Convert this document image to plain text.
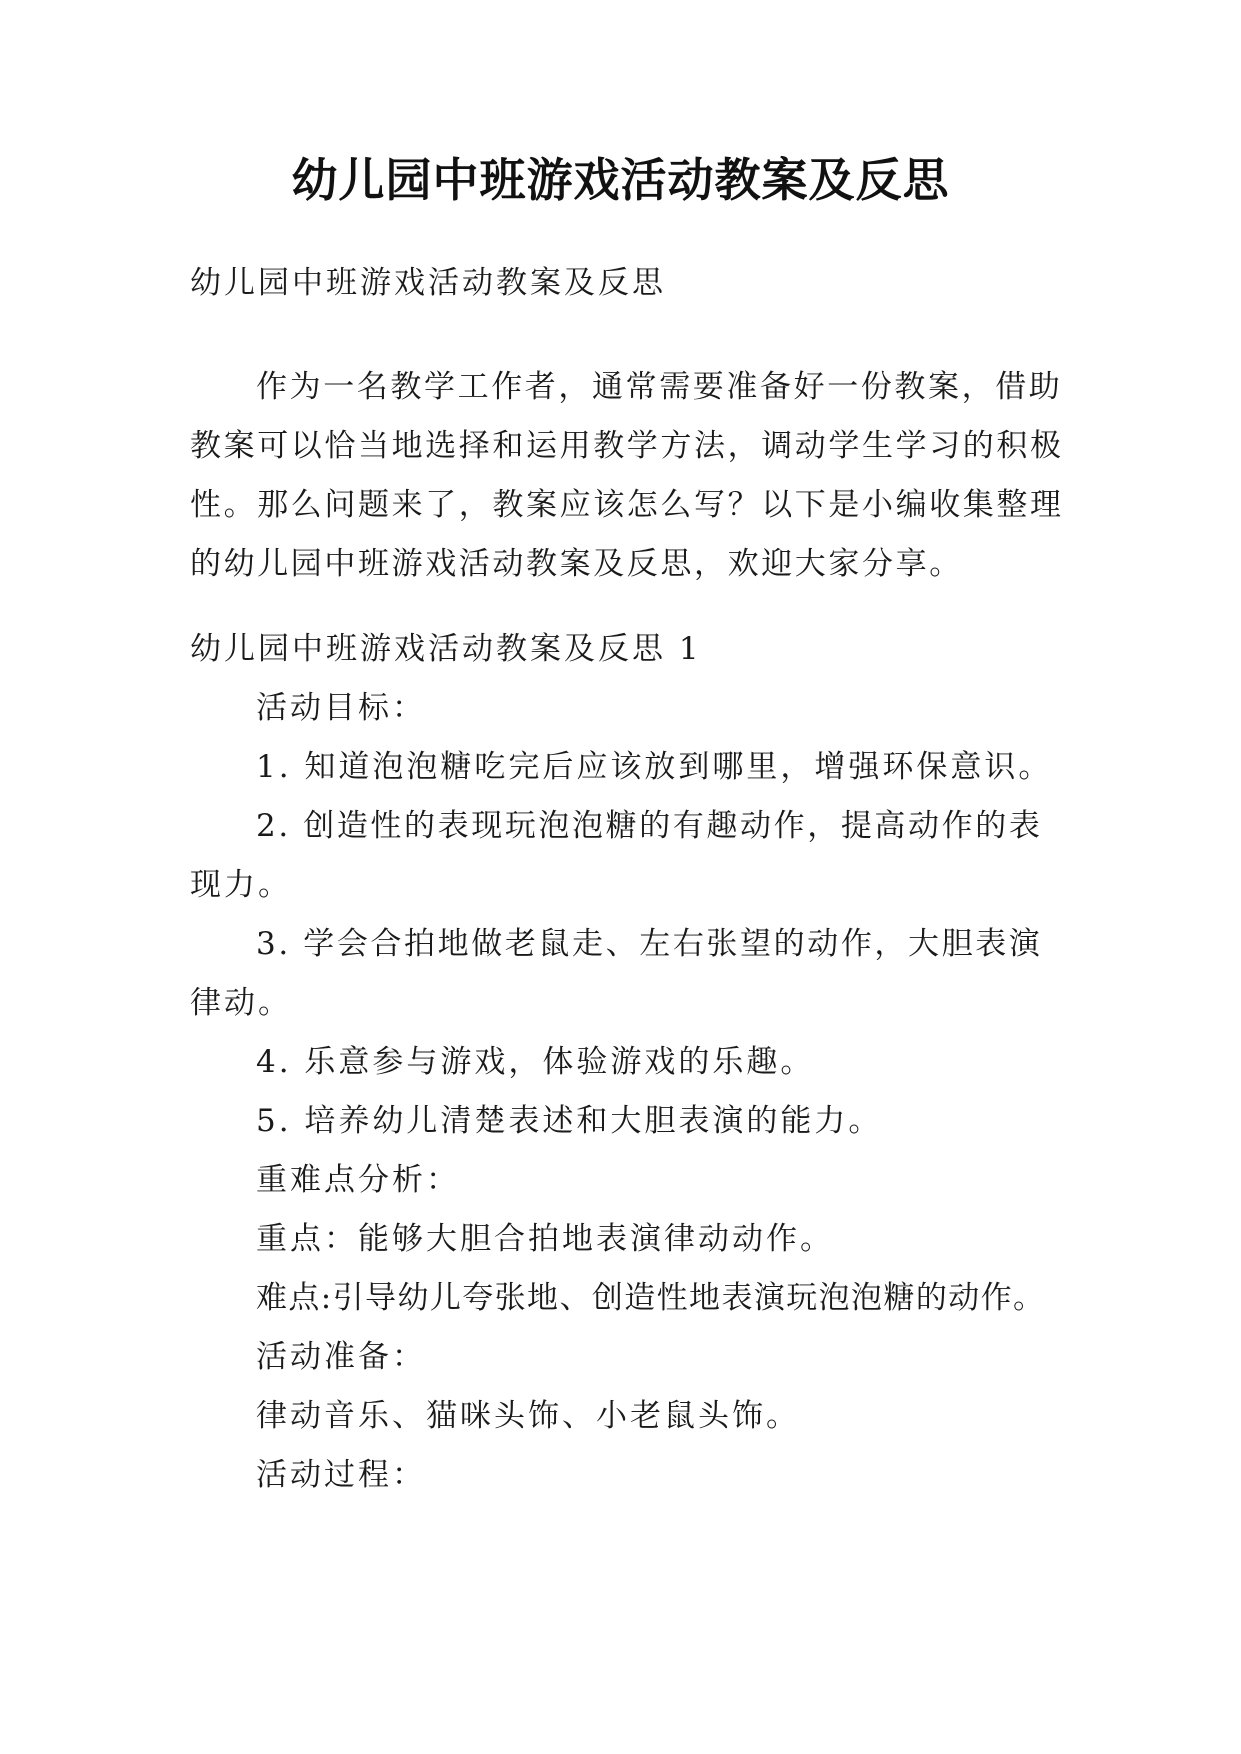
幼儿园中班游戏活动教案及反思

幼儿园中班游戏活动教案及反思

作为一名教学工作者，通常需要准备好一份教案，借助

教案可以恰当地选择和运用教学方法，调动学生学习的积极

性。那么问题来了，教案应该怎么写？以下是小编收集整理

的幼儿园中班游戏活动教案及反思，欢迎大家分享。

幼儿园中班游戏活动教案及反思 1

活动目标：

1. 知道泡泡糖吃完后应该放到哪里，增强环保意识。

2. 创造性的表现玩泡泡糖的有趣动作，提高动作的表

现力。

3. 学会合拍地做老鼠走、左右张望的动作，大胆表演

律动。

4. 乐意参与游戏，体验游戏的乐趣。

5. 培养幼儿清楚表述和大胆表演的能力。

重难点分析：

重点：能够大胆合拍地表演律动动作。

难点:引导幼儿夸张地、创造性地表演玩泡泡糖的动作。

活动准备：

律动音乐、猫咪头饰、小老鼠头饰。

活动过程：
